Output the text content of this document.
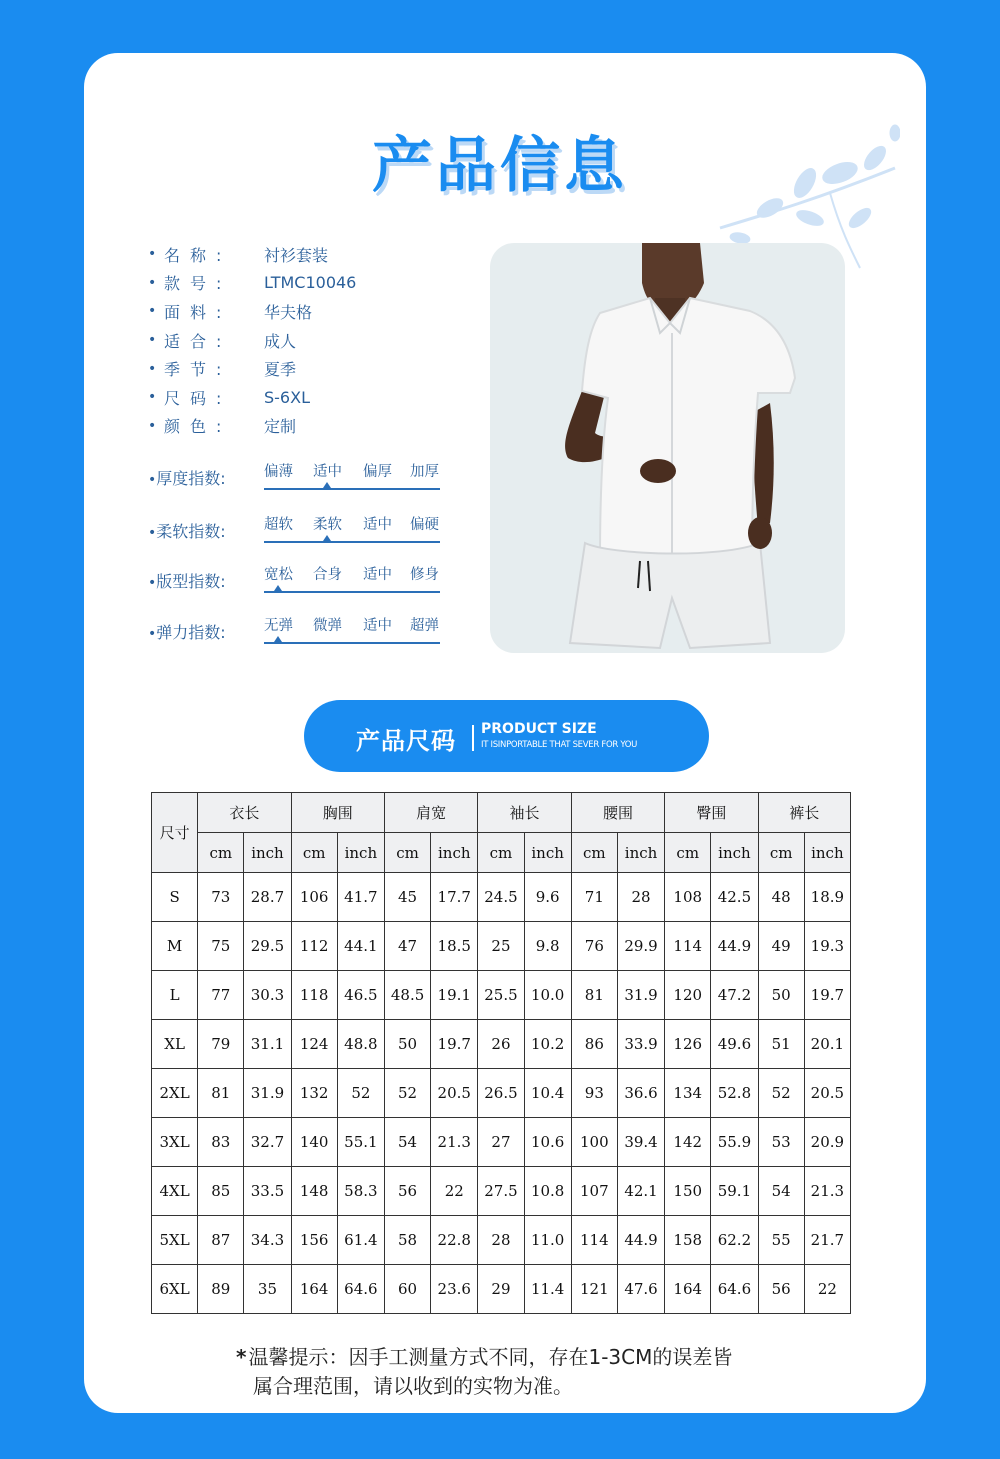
产品信息
• 名称:	衬衫套装
• 款号:	LTMC10046
• 面料:	华夫格
• 适合:	成人
• 季节:	夏季
• 尺码:	S-6XL
• 颜色:	定制
•厚度指数:	偏薄 适中 偏厚 加厚
•柔软指数:	超软 柔软 适中 偏硬
•版型指数:	宽松 合身 适中 修身
•弹力指数:	无弹 微弹 适中 超弹
产品尺码 PRODUCT SIZE
IT ISINPORTABLE THAT SEVER FOR YOU
尺寸	衣长		胸围		肩宽		袖长		腰围		臀围		裤长	
	cm	inch	cm	inch	cm	inch	cm	inch	cm	inch	cm	inch	cm	inch
S	73	28.7	106	41.7	45	17.7	24.5	9.6	71	28	108	42.5	48	18.9
M	75	29.5	112	44.1	47	18.5	25	9.8	76	29.9	114	44.9	49	19.3
L	77	30.3	118	46.5	48.5	19.1	25.5	10.0	81	31.9	120	47.2	50	19.7
XL	79	31.1	124	48.8	50	19.7	26	10.2	86	33.9	126	49.6	51	20.1
2XL	81	31.9	132	52	52	20.5	26.5	10.4	93	36.6	134	52.8	52	20.5
3XL	83	32.7	140	55.1	54	21.3	27	10.6	100	39.4	142	55.9	53	20.9
4XL	85	33.5	148	58.3	56	22	27.5	10.8	107	42.1	150	59.1	54	21.3
5XL	87	34.3	156	61.4	58	22.8	28	11.0	114	44.9	158	62.2	55	21.7
6XL	89	35	164	64.6	60	23.6	29	11.4	121	47.6	164	64.6	56	22
* 温馨提示：因手工测量方式不同，存在1-3CM的误差皆
属合理范围，请以收到的实物为准。
